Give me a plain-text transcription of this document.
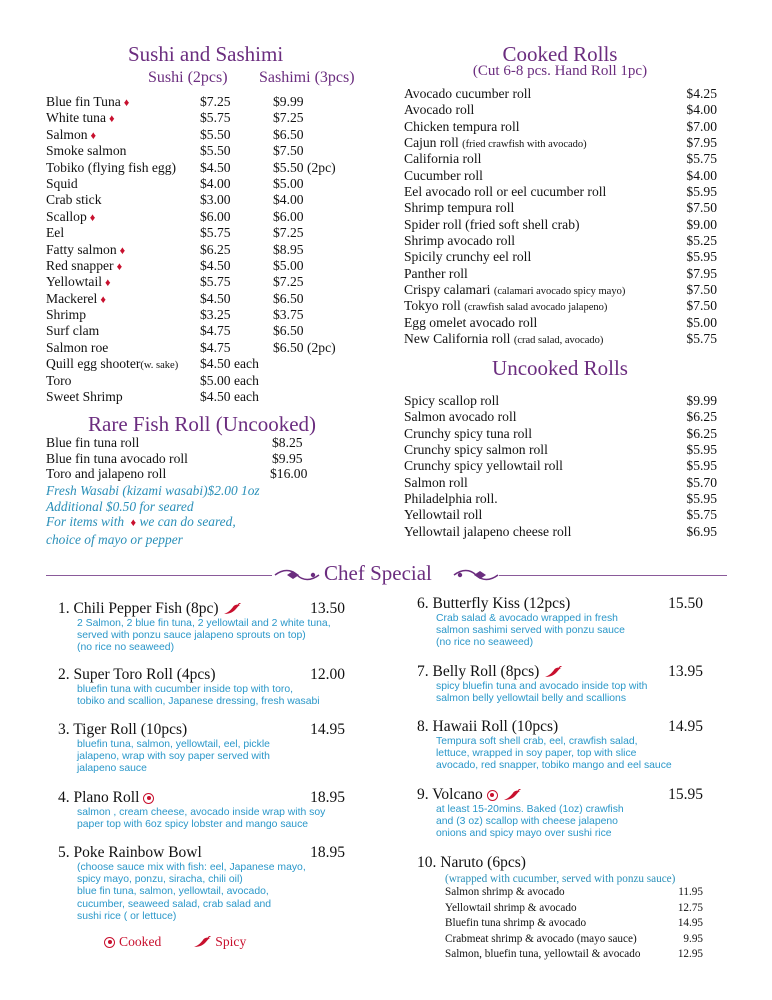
Sushi and Sashimi
Sushi (2pcs) Sashimi (3pcs)
Blue fin Tuna ♦	$7.25	$9.99
White tuna ♦	$5.75	$7.25
Salmon ♦	$5.50	$6.50
Smoke salmon	$5.50	$7.50
Tobiko (flying fish egg)	$4.50	$5.50 (2pc)
Squid	$4.00	$5.00
Crab stick	$3.00	$4.00
Scallop ♦	$6.00	$6.00
Eel	$5.75	$7.25
Fatty salmon ♦	$6.25	$8.95
Red snapper ♦	$4.50	$5.00
Yellowtail ♦	$5.75	$7.25
Mackerel ♦	$4.50	$6.50
Shrimp	$3.25	$3.75
Surf clam	$4.75	$6.50
Salmon roe	$4.75	$6.50 (2pc)
Quill egg shooter(w. sake)	$4.50 each
Toro	$5.00 each
Sweet Shrimp	$4.50 each
Rare Fish Roll (Uncooked)
Blue fin tuna roll	$8.25
Blue fin tuna avocado roll	$9.95
Toro and jalapeno roll	$16.00
Fresh Wasabi (kizami wasabi)$2.00 1oz
Additional $0.50 for seared
For items with ♦ we can do seared,
choice of mayo or pepper
Cooked Rolls
(Cut 6-8 pcs. Hand Roll 1pc)
Avocado cucumber roll	$4.25
Avocado roll	$4.00
Chicken tempura roll	$7.00
Cajun roll (fried crawfish with avocado)	$7.95
California roll	$5.75
Cucumber roll	$4.00
Eel avocado roll or eel cucumber roll	$5.95
Shrimp tempura roll	$7.50
Spider roll (fried soft shell crab)	$9.00
Shrimp avocado roll	$5.25
Spicily crunchy eel roll	$5.95
Panther roll	$7.95
Crispy calamari (calamari avocado spicy mayo)	$7.50
Tokyo roll (crawfish salad avocado jalapeno)	$7.50
Egg omelet avocado roll	$5.00
New California roll (crad salad, avocado)	$5.75
Uncooked Rolls
Spicy scallop roll	$9.99
Salmon avocado roll	$6.25
Crunchy spicy tuna roll	$6.25
Crunchy spicy salmon roll	$5.95
Crunchy spicy yellowtail roll	$5.95
Salmon roll	$5.70
Philadelphia roll.	$5.95
Yellowtail roll	$5.75
Yellowtail jalapeno cheese roll	$6.95
Chef Special
1. Chili Pepper Fish (8pc)	13.50
2 Salmon, 2 blue fin tuna, 2 yellowtail and 2 white tuna,
served with ponzu sauce jalapeno sprouts on top)
(no rice no seaweed)
2. Super Toro Roll (4pcs)	12.00
bluefin tuna with cucumber inside top with toro,
tobiko and scallion, Japanese dressing, fresh wasabi
3. Tiger Roll (10pcs)	14.95
bluefin tuna, salmon, yellowtail, eel, pickle
jalapeno, wrap with soy paper served with
jalapeno sauce
4. Plano Roll	18.95
salmon , cream cheese, avocado inside wrap with soy
paper top with 6oz spicy lobster and mango sauce
5. Poke Rainbow Bowl	18.95
(choose sauce mix with fish: eel, Japanese mayo,
spicy mayo, ponzu, siracha, chili oil)
blue fin tuna, salmon, yellowtail, avocado,
cucumber, seaweed salad, crab salad and
sushi rice ( or lettuce)
6. Butterfly Kiss (12pcs)	15.50
Crab salad & avocado wrapped in fresh
salmon sashimi served with ponzu sauce
(no rice no seaweed)
7. Belly Roll (8pcs)	13.95
spicy bluefin tuna and avocado inside top with
salmon belly yellowtail belly and scallions
8. Hawaii Roll (10pcs)	14.95
Tempura soft shell crab, eel, crawfish salad,
lettuce, wrapped in soy paper, top with slice
avocado, red snapper, tobiko mango and eel sauce
9. Volcano	15.95
at least 15-20mins. Baked (1oz) crawfish
and (3 oz) scallop with cheese jalapeno
onions and spicy mayo over sushi rice
10. Naruto (6pcs)
(wrapped with cucumber, served with ponzu sauce)
Salmon shrimp & avocado	11.95
Yellowtail shrimp & avocado	12.75
Bluefin tuna shrimp & avocado	14.95
Crabmeat shrimp & avocado (mayo sauce)	9.95
Salmon, bluefin tuna, yellowtail & avocado	12.95
Cooked	Spicy
